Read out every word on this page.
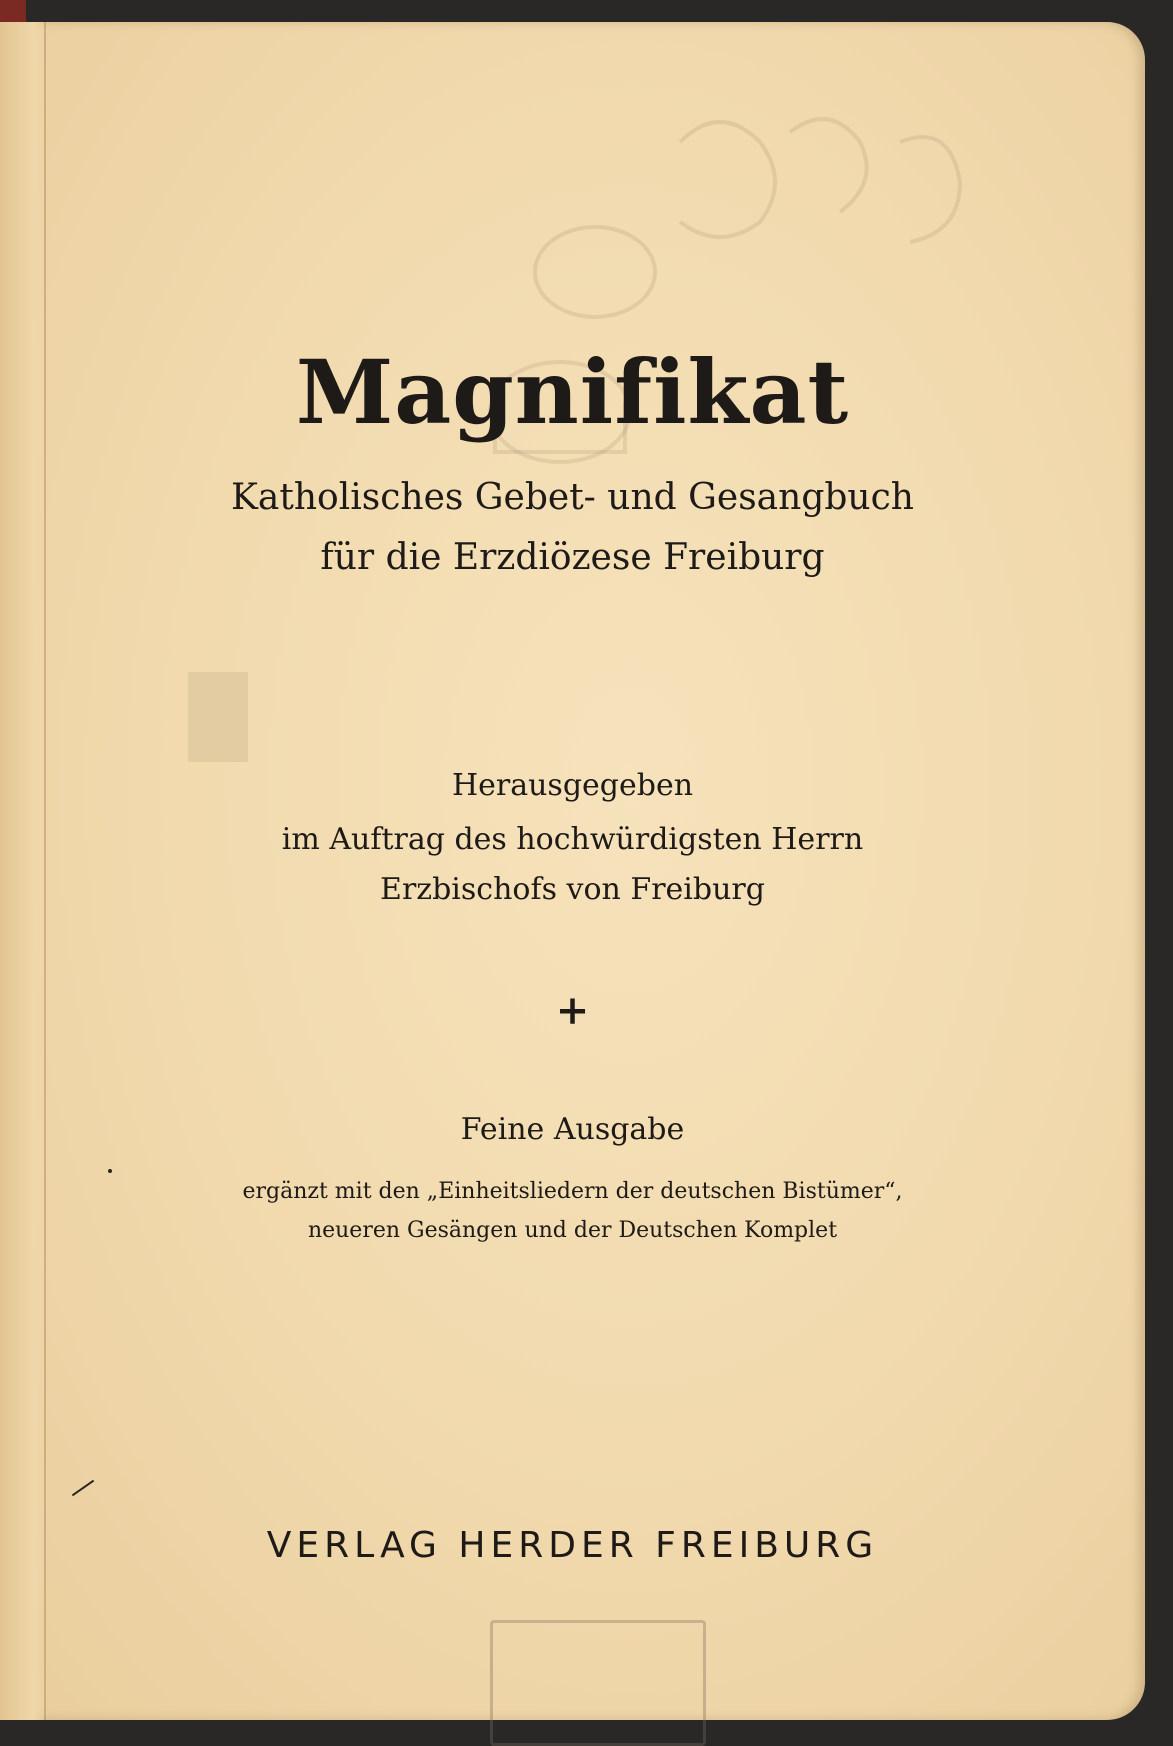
Magnifikat
Katholisches Gebet- und Gesangbuch
für die Erzdiözese Freiburg
Herausgegeben
im Auftrag des hochwürdigsten Herrn
Erzbischofs von Freiburg
+
Feine Ausgabe
ergänzt mit den „Einheitsliedern der deutschen Bistümer“,
neueren Gesängen und der Deutschen Komplet
VERLAG HERDER FREIBURG
